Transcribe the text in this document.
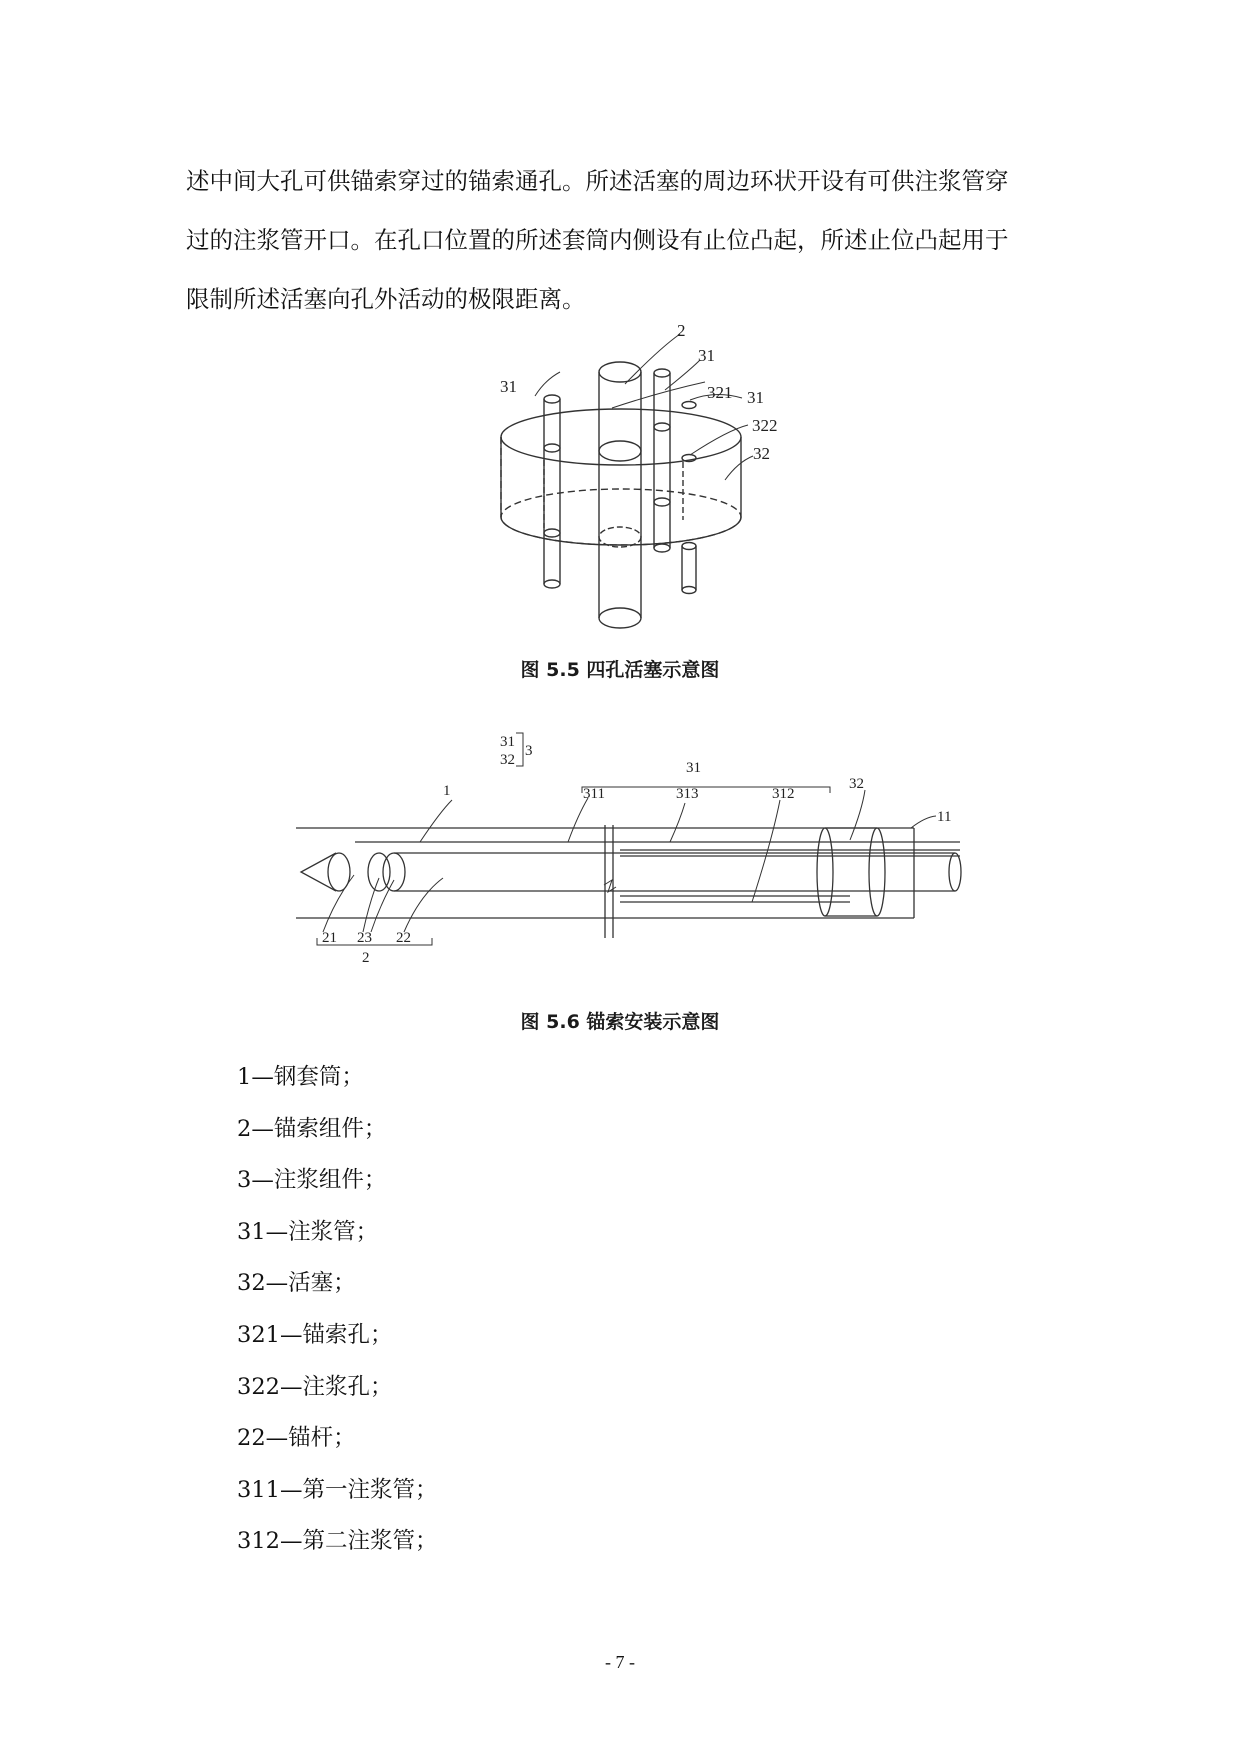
述中间大孔可供锚索穿过的锚索通孔。所述活塞的周边环状开设有可供注浆管穿

过的注浆管开口。在孔口位置的所述套筒内侧设有止位凸起，所述止位凸起用于

限制所述活塞向孔外活动的极限距离。

2
31
31	321 31
322
32
图 5.5 四孔活塞示意图
31
32
3
1
31
311	313	312
32
11
21 23 22
2
图 5.6 锚索安装示意图
1—钢套筒；
2—锚索组件；
3—注浆组件；
31—注浆管；
32—活塞；
321—锚索孔；
322—注浆孔；
22—锚杆；
311—第一注浆管；
312—第二注浆管；
- 7 -
